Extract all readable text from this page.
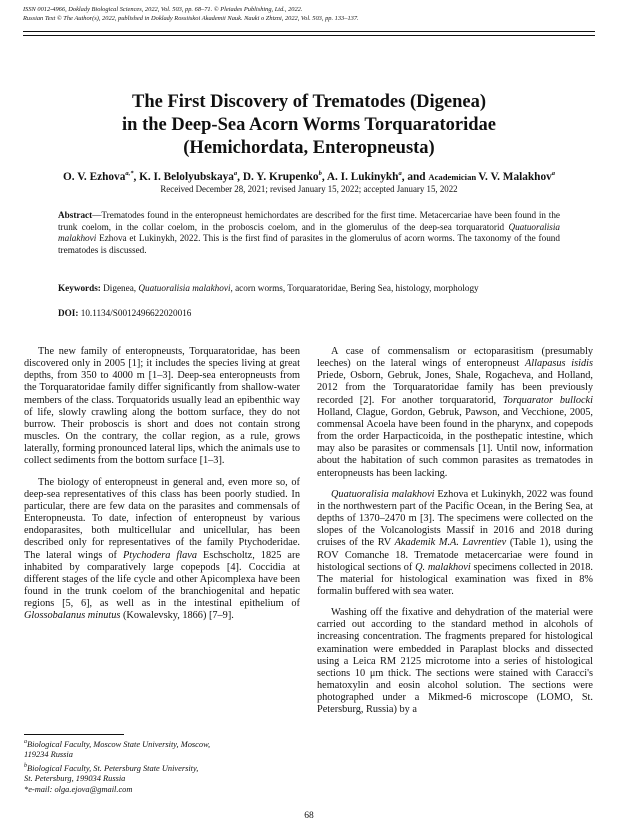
ISSN 0012-4966, Doklady Biological Sciences, 2022, Vol. 503, pp. 68–71. © Pleiades Publishing, Ltd., 2022.
Russian Text © The Author(s), 2022, published in Doklady Rossiiskoi Akademii Nauk. Nauki o Zhizni, 2022, Vol. 503, pp. 133–137.
The First Discovery of Trematodes (Digenea)
in the Deep-Sea Acorn Worms Torquaratoridae
(Hemichordata, Enteropneusta)
O. V. Ezhova$^{a,*}$, K. I. Belolyubskaya$^a$, D. Y. Krupenko$^b$, A. I. Lukinykh$^a$, and Academician V. V. Malakhov$^a$
Received December 28, 2021; revised January 15, 2022; accepted January 15, 2022
Abstract—Trematodes found in the enteropneust hemichordates are described for the first time. Metacercariae have been found in the trunk coelom, in the collar coelom, in the proboscis coelom, and in the glomerulus of the deep-sea torquaratorid Quatuoralisia malakhovi Ezhova et Lukinykh, 2022. This is the first find of parasites in the glomerulus of acorn worms. The taxonomy of the found trematodes is discussed.
Keywords: Digenea, Quatuoralisia malakhovi, acorn worms, Torquaratoridae, Bering Sea, histology, morphology
DOI: 10.1134/S0012496622020016

The new family of enteropneusts, Torquaratoridae, has been discovered only in 2005 [1]; it includes the species living at great depths, from 350 to 4000 m [1–3]. Deep-sea enteropneusts from the Torquaratoridae family differ significantly from shallow-water members of the class. Torquatorids usually lead an epibenthic way of life, slowly crawling along the bottom surface, they do not burrow. Their proboscis is short and does not contain strong muscles. On the contrary, the collar region, as a rule, grows laterally, forming pronounced lateral lips, which the animals use to collect sediments from the bottom surface [1–3].

The biology of enteropneust in general and, even more so, of deep-sea representatives of this class has been poorly studied. In particular, there are few data on the parasites and commensals of Enteropneusta. To date, infection of enteropneust by various endoparasites, both multicellular and unicellular, has been described only for representatives of the family Ptychoderidae. The lateral wings of Ptychodera flava Eschscholtz, 1825 are inhabited by comparatively large copepods [4]. Coccidia at different stages of the life cycle and other Apicomplexa have been found in the trunk coelom of the branchiogenital and hepatic regions [5, 6], as well as in the intestinal epithelium of Glossobalanus minutus (Kowalevsky, 1866) [7–9].

$^a$Biological Faculty, Moscow State University, Moscow,
119234 Russia
$^b$Biological Faculty, St. Petersburg State University,
St. Petersburg, 199034 Russia
*e-mail: olga.ejova@gmail.com

A case of commensalism or ectoparasitism (presumably leeches) on the lateral wings of enteropneust Allapasus isidis Priede, Osborn, Gebruk, Jones, Shale, Rogacheva, and Holland, 2012 from the Torquaratoridae family has been previously recorded [2]. For another torquaratorid, Torquarator bullocki Holland, Clague, Gordon, Gebruk, Pawson, and Vecchione, 2005, commensal Acoela have been found in the pharynx, and copepods from the order Harpacticoida, in the posthepatic intestine, which may also be parasites or commensals [1]. Until now, information about the habitation of such common parasites as trematodes in enteropneusts has been lacking.

Quatuoralisia malakhovi Ezhova et Lukinykh, 2022 was found in the northwestern part of the Pacific Ocean, in the Bering Sea, at depths of 1370–2470 m [3]. The specimens were collected on the slopes of the Volcanologists Massif in 2016 and 2018 during cruises of the RV Akademik M.A. Lavrentiev (Table 1), using the ROV Comanche 18. Trematode metacercariae were found in histological sections of Q. malakhovi specimens collected in 2018. The material for histological examination was fixed in 8% formalin buffered with sea water.

Washing off the fixative and dehydration of the material were carried out according to the standard method in alcohols of increasing concentration. The fragments prepared for histological examination were embedded in Paraplast blocks and dissected using a Leica RM 2125 microtome into a series of histological sections 10 μm thick. The sections were stained with Caracci's hematoxylin and eosin alcohol solution. The sections were photographed under a Mikmed-6 microscope (LOMO, St. Petersburg, Russia) by a

68
